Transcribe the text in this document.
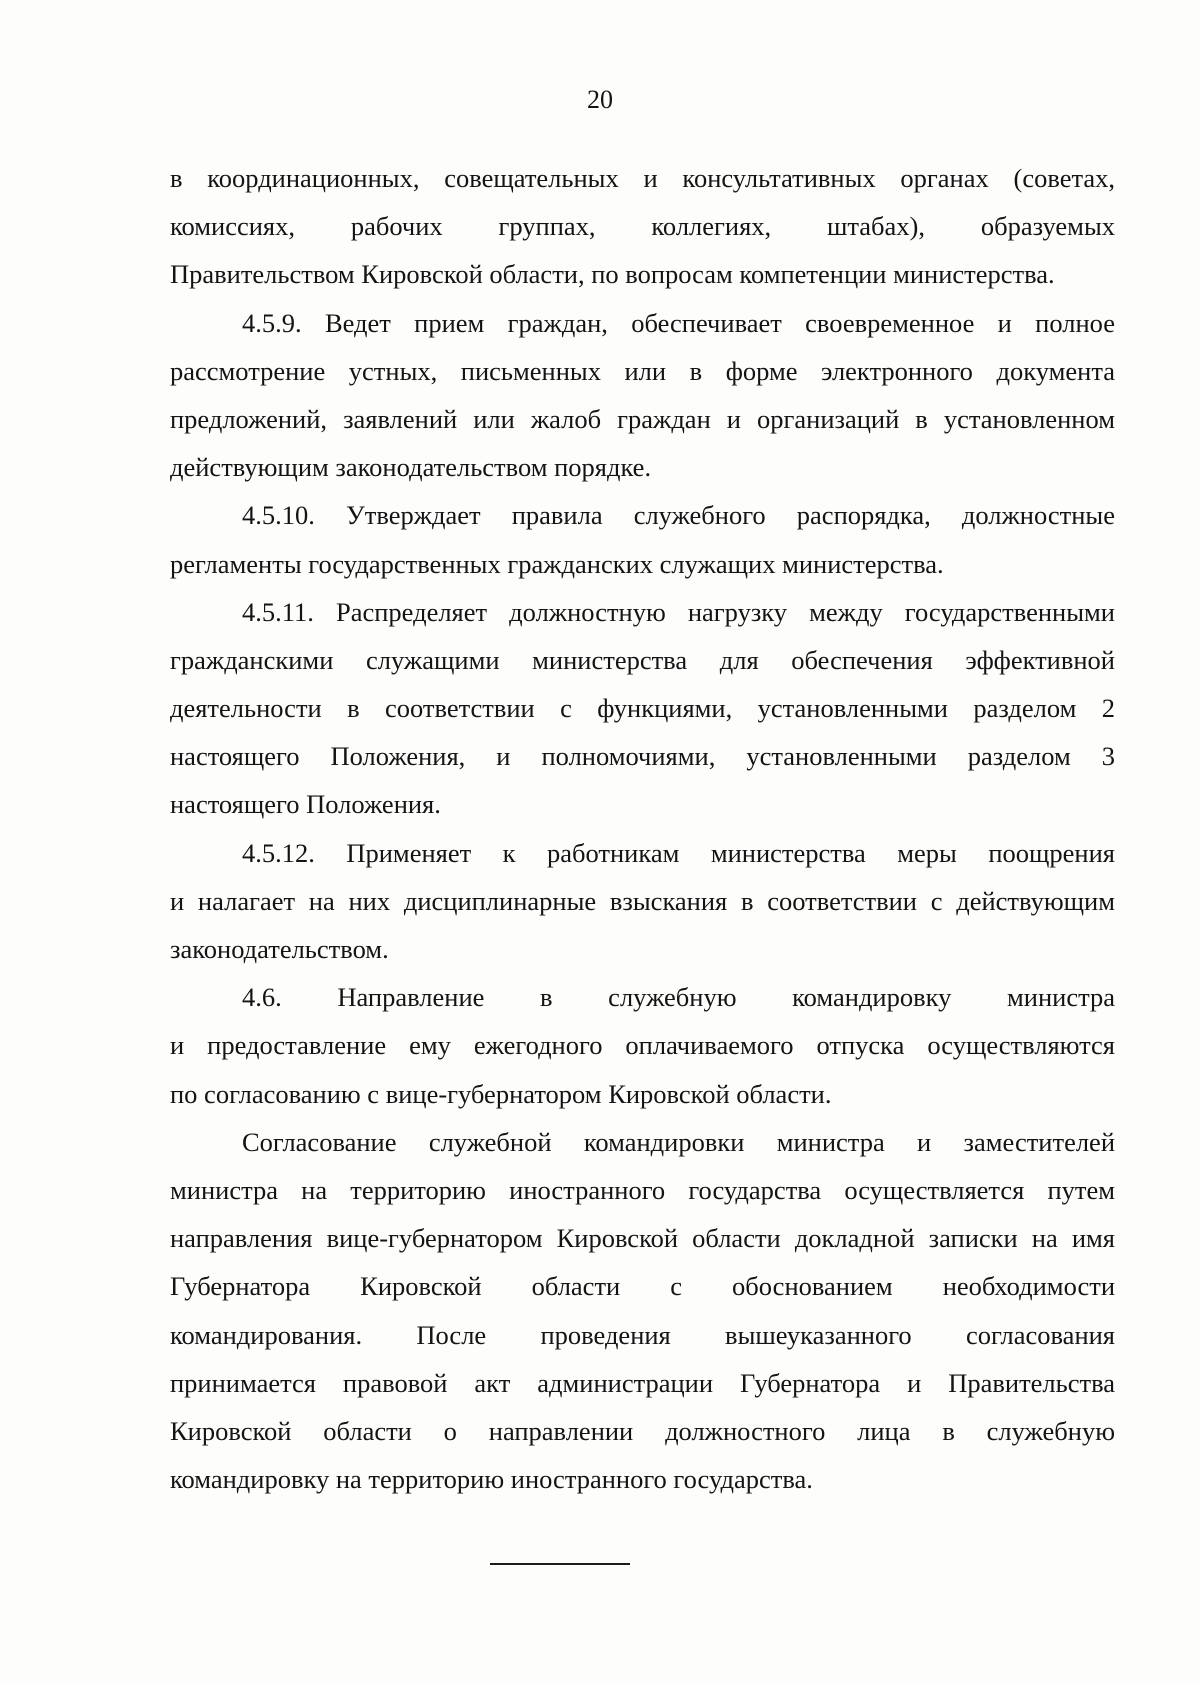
20

в координационных, совещательных и консультативных органах (советах,
комиссиях, рабочих группах, коллегиях, штабах), образуемых
Правительством Кировской области, по вопросам компетенции министерства.

4.5.9. Ведет прием граждан, обеспечивает своевременное и полное
рассмотрение устных, письменных или в форме электронного документа
предложений, заявлений или жалоб граждан и организаций в установленном
действующим законодательством порядке.

4.5.10. Утверждает правила служебного распорядка, должностные
регламенты государственных гражданских служащих министерства.

4.5.11. Распределяет должностную нагрузку между государственными
гражданскими служащими министерства для обеспечения эффективной
деятельности в соответствии с функциями, установленными разделом 2
настоящего Положения, и полномочиями, установленными разделом 3
настоящего Положения.

4.5.12. Применяет к работникам министерства меры поощрения
и налагает на них дисциплинарные взыскания в соответствии с действующим
законодательством.

4.6. Направление в служебную командировку министра
и предоставление ему ежегодного оплачиваемого отпуска осуществляются
по согласованию с вице-губернатором Кировской области.

Согласование служебной командировки министра и заместителей
министра на территорию иностранного государства осуществляется путем
направления вице-губернатором Кировской области докладной записки на имя
Губернатора Кировской области с обоснованием необходимости
командирования. После проведения вышеуказанного согласования
принимается правовой акт администрации Губернатора и Правительства
Кировской области о направлении должностного лица в служебную
командировку на территорию иностранного государства.
